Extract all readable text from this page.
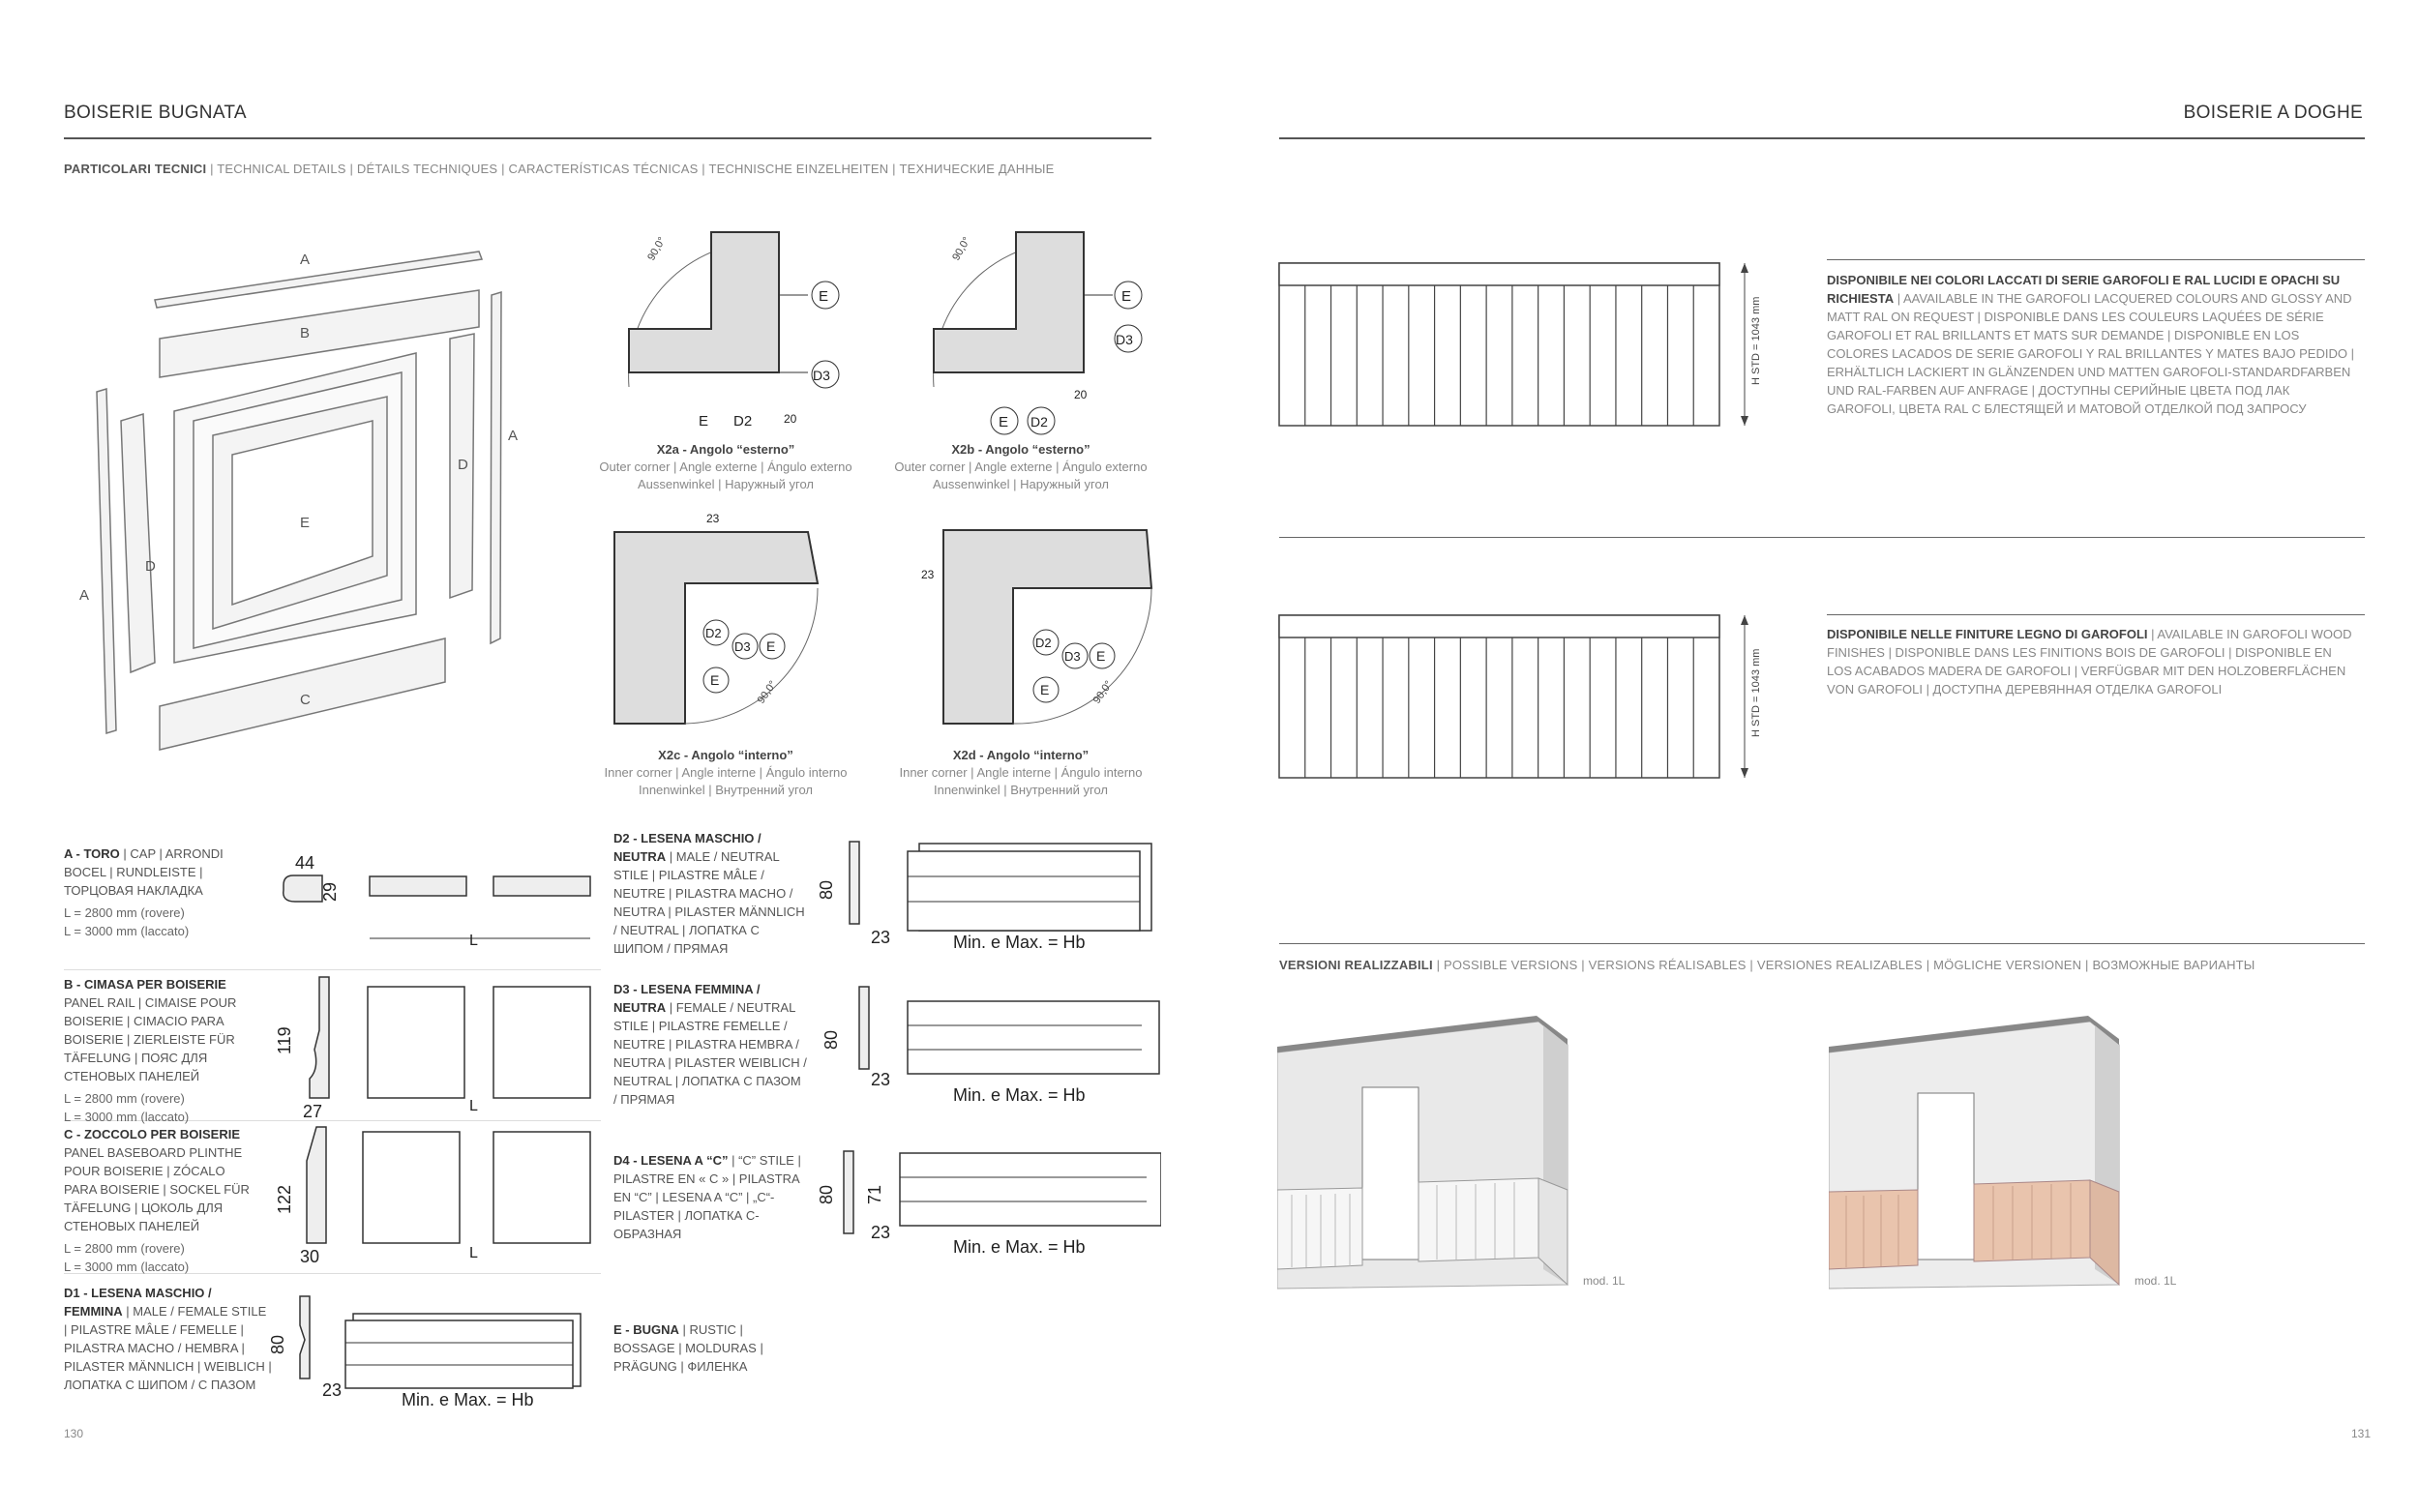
BOISERIE BUGNATA	BOISERIE A DOGHE
PARTICOLARI TECNICI | TECHNICAL DETAILS | DÉTAILS TECHNIQUES | CARACTERÍSTICAS TÉCNICAS | TECHNISCHE EINZELHEITEN | ТЕХНИЧЕСКИЕ ДАННЫЕ
A
B
C
E
D
D
A
A
E
D3
90,0°
E D2	20
E
D3
E D2
90,0°
20
23
D2
D3 E
E	90,0°
23
D2
D3 E
E	90,0°
X2a - Angolo “esterno”
Outer corner | Angle externe | Ángulo externo
Aussenwinkel | Наружный угол
X2b - Angolo “esterno”
Outer corner | Angle externe | Ángulo externo
Aussenwinkel | Наружный угол
X2c - Angolo “interno”
Inner corner | Angle interne | Ángulo interno
Innenwinkel | Внутренний угол
X2d - Angolo “interno”
Inner corner | Angle interne | Ángulo interno
Innenwinkel | Внутренний угол
A - TORO | CAP | ARRONDI BOCEL | RUNDLEISTE | ТОРЦОВАЯ НАКЛАДКА
L = 2800 mm (rovere)
L = 3000 mm (laccato)
44
29
L
B - CIMASA PER BOISERIE
PANEL RAIL | CIMAISE POUR BOISERIE | CIMACIO PARA BOISERIE | ZIERLEISTE FÜR TÄFELUNG | ПОЯС ДЛЯ СТЕНОВЫХ ПАНЕЛЕЙ
L = 2800 mm (rovere)
L = 3000 mm (laccato)
119
27	L
C - ZOCCOLO PER BOISERIE
PANEL BASEBOARD PLINTHE POUR BOISERIE | ZÓCALO PARA BOISERIE | SOCKEL FÜR TÄFELUNG | ЦОКОЛЬ ДЛЯ СТЕНОВЫХ ПАНЕЛЕЙ
L = 2800 mm (rovere)
L = 3000 mm (laccato)
122
30	L
D1 - LESENA MASCHIO / FEMMINA | MALE / FEMALE STILE | PILASTRE MÂLE / FEMELLE | PILASTRA MACHO / HEMBRA | PILASTER MÄNNLICH | WEIBLICH | ЛОПАТКА С ШИПОМ / С ПАЗОМ
80
23	Min. e Max. = Hb
D2 - LESENA MASCHIO / NEUTRA | MALE / NEUTRAL STILE | PILASTRE MÂLE / NEUTRE | PILASTRA MACHO / NEUTRA | PILASTER MÄNNLICH / NEUTRAL | ЛОПАТКА С ШИПОМ / ПРЯМАЯ
80
23	Min. e Max. = Hb
D3 - LESENA FEMMINA / NEUTRA | FEMALE / NEUTRAL STILE | PILASTRE FEMELLE / NEUTRE | PILASTRA HEMBRA / NEUTRA | PILASTER WEIBLICH / NEUTRAL | ЛОПАТКА С ПАЗОМ / ПРЯМАЯ
80
23
Min. e Max. = Hb
D4 - LESENA A “C” | “C” STILE | PILASTRE EN « C » | PILASTRA EN “C” | LESENA A “C” | „C“-PILASTER | ЛОПАТКА С-ОБРАЗНАЯ
80 71
23
Min. e Max. = Hb
E - BUGNA | RUSTIC | BOSSAGE | MOLDURAS | PRÄGUNG | ФИЛЕНКА
130
H STD = 1043 mm
DISPONIBILE NEI COLORI LACCATI DI SERIE GAROFOLI E RAL LUCIDI E OPACHI SU RICHIESTA | AAVAILABLE IN THE GAROFOLI LACQUERED COLOURS AND GLOSSY AND MATT RAL ON REQUEST | DISPONIBLE DANS LES COULEURS LAQUÉES DE SÉRIE GAROFOLI ET RAL BRILLANTS ET MATS SUR DEMANDE | DISPONIBLE EN LOS COLORES LACADOS DE SERIE GAROFOLI Y RAL BRILLANTES Y MATES BAJO PEDIDO | ERHÄLTLICH LACKIERT IN GLÄNZENDEN UND MATTEN GAROFOLI-STANDARDFARBEN UND RAL-FARBEN AUF ANFRAGE | ДОСТУПНЫ СЕРИЙНЫЕ ЦВЕТА ПОД ЛАК GAROFOLI, ЦВЕТА RAL С БЛЕСТЯЩЕЙ И МАТОВОЙ ОТДЕЛКОЙ ПОД ЗАПРОСУ
H STD = 1043 mm
DISPONIBILE NELLE FINITURE LEGNO DI GAROFOLI | AVAILABLE IN GAROFOLI WOOD FINISHES | DISPONIBLE DANS LES FINITIONS BOIS DE GAROFOLI | DISPONIBLE EN LOS ACABADOS MADERA DE GAROFOLI | VERFÜGBAR MIT DEN HOLZOBERFLÄCHEN VON GAROFOLI | ДОСТУПНА ДЕРЕВЯННАЯ ОТДЕЛКА GAROFOLI
VERSIONI REALIZZABILI | POSSIBLE VERSIONS | VERSIONS RÉALISABLES | VERSIONES REALIZABLES | MÖGLICHE VERSIONEN | ВОЗМОЖНЫЕ ВАРИАНТЫ
mod. 1L	mod. 1L
131
